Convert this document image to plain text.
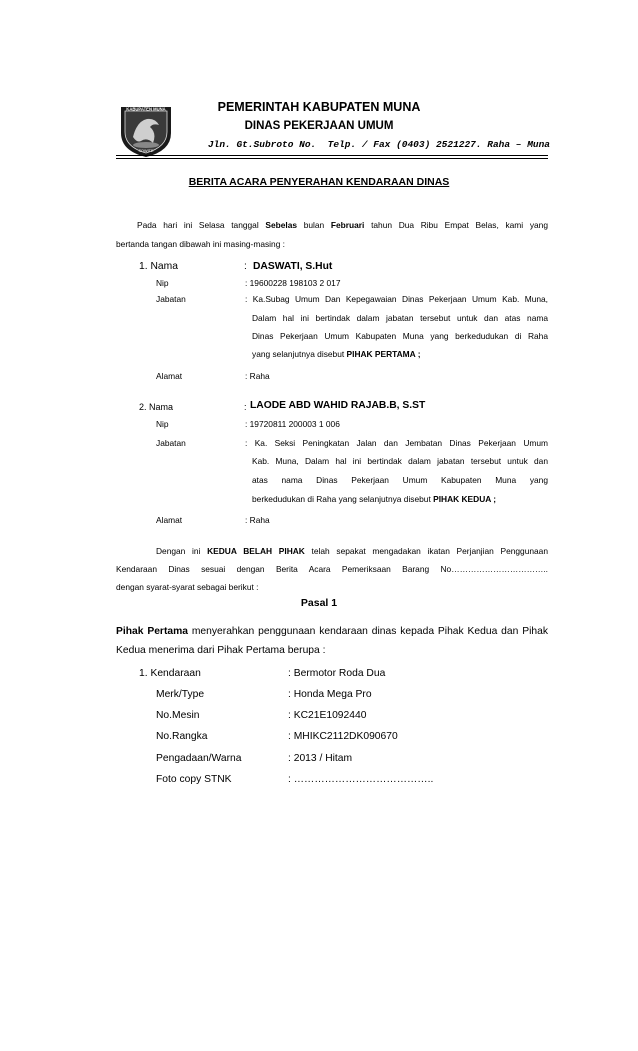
KABUPATEN MUNA
SOWITE
PEMERINTAH KABUPATEN MUNA
DINAS PEKERJAAN UMUM
Jln. Gt.Subroto No.  Telp. / Fax (0403) 2521227. Raha – Muna
BERITA ACARA PENYERAHAN KENDARAAN DINAS
Pada hari ini Selasa tanggal Sebelas bulan Februari tahun Dua Ribu Empat Belas, kami yang
bertanda tangan dibawah ini masing-masing :
1. Nama	: DASWATI, S.Hut
Nip	: 19600228 198103 2 017
Jabatan	: Ka.Subag Umum Dan Kepegawaian Dinas Pekerjaan Umum Kab. Muna,
Dalam hal ini bertindak dalam jabatan tersebut untuk dan atas nama
Dinas Pekerjaan Umum Kabupaten Muna yang berkedudukan di Raha
yang selanjutnya disebut PIHAK PERTAMA ;
Alamat	: Raha
2. Nama	: LAODE ABD WAHID RAJAB.B, S.ST
Nip	: 19720811 200003 1 006
Jabatan	: Ka. Seksi Peningkatan Jalan dan Jembatan Dinas Pekerjaan Umum
Kab. Muna, Dalam hal ini bertindak dalam jabatan tersebut untuk dan
atas nama Dinas Pekerjaan Umum Kabupaten Muna yang
berkedudukan di Raha yang selanjutnya disebut PIHAK KEDUA ;
Alamat	: Raha
Dengan ini KEDUA BELAH PIHAK telah sepakat mengadakan ikatan Perjanjian Penggunaan
Kendaraan Dinas sesuai dengan Berita Acara Pemeriksaan Barang No……………………………..
dengan syarat-syarat sebagai berikut :
Pasal 1
Pihak Pertama menyerahkan penggunaan kendaraan dinas kepada Pihak Kedua dan Pihak
Kedua menerima dari Pihak Pertama berupa :
1. Kendaraan	: Bermotor Roda Dua
Merk/Type	: Honda Mega Pro
No.Mesin	: KC21E1092440
No.Rangka	: MHIKC2112DK090670
Pengadaan/Warna	: 2013 / Hitam
Foto copy STNK	: …………………………………..
